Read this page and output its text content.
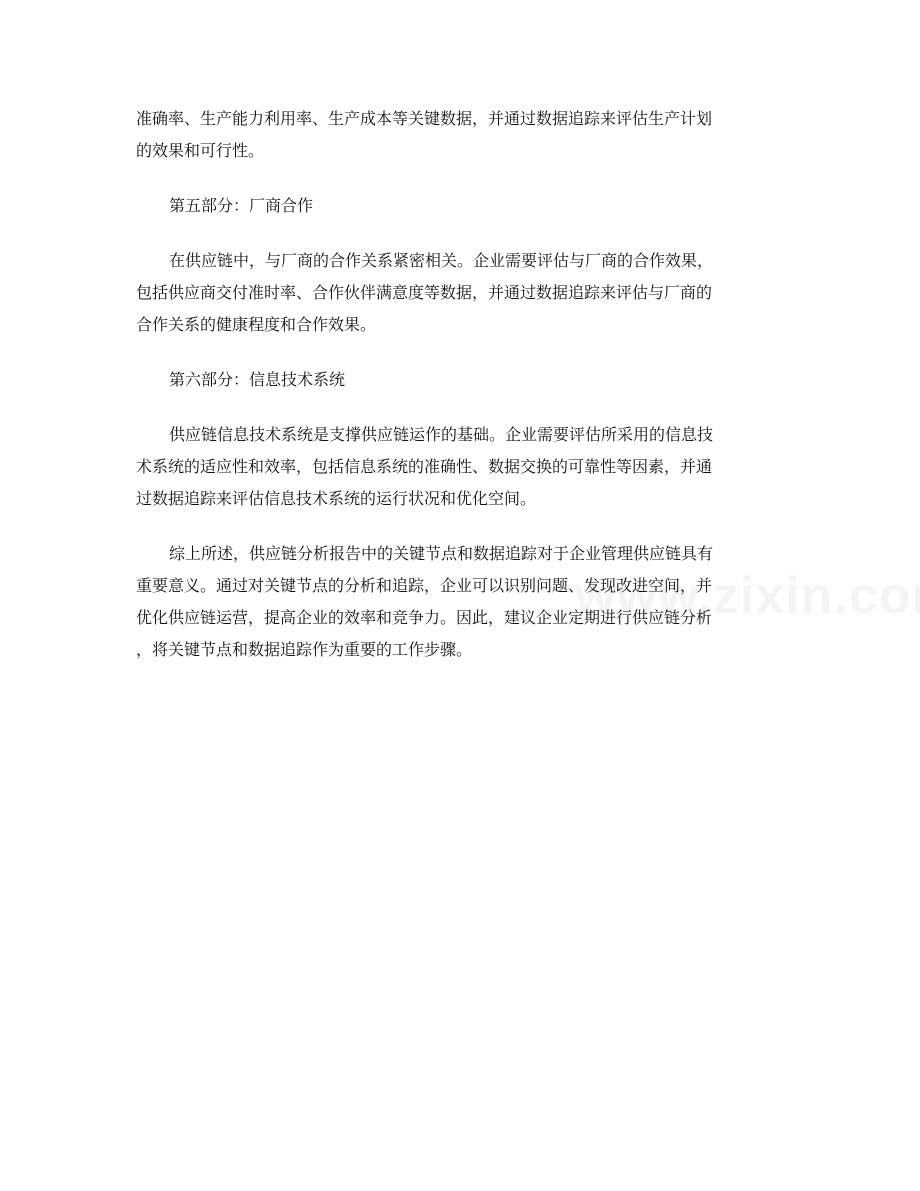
准确率、生产能力利用率、生产成本等关键数据，并通过数据追踪来评估生产计划
的效果和可行性。
第五部分：厂商合作
在供应链中，与厂商的合作关系紧密相关。企业需要评估与厂商的合作效果，
包括供应商交付准时率、合作伙伴满意度等数据，并通过数据追踪来评估与厂商的
合作关系的健康程度和合作效果。
第六部分：信息技术系统
供应链信息技术系统是支撑供应链运作的基础。企业需要评估所采用的信息技
术系统的适应性和效率，包括信息系统的准确性、数据交换的可靠性等因素，并通
过数据追踪来评估信息技术系统的运行状况和优化空间。
综上所述，供应链分析报告中的关键节点和数据追踪对于企业管理供应链具有
重要意义。通过对关键节点的分析和追踪，企业可以识别问题、发现改进空间，并
优化供应链运营，提高企业的效率和竞争力。因此，建议企业定期进行供应链分析
，将关键节点和数据追踪作为重要的工作步骤。
